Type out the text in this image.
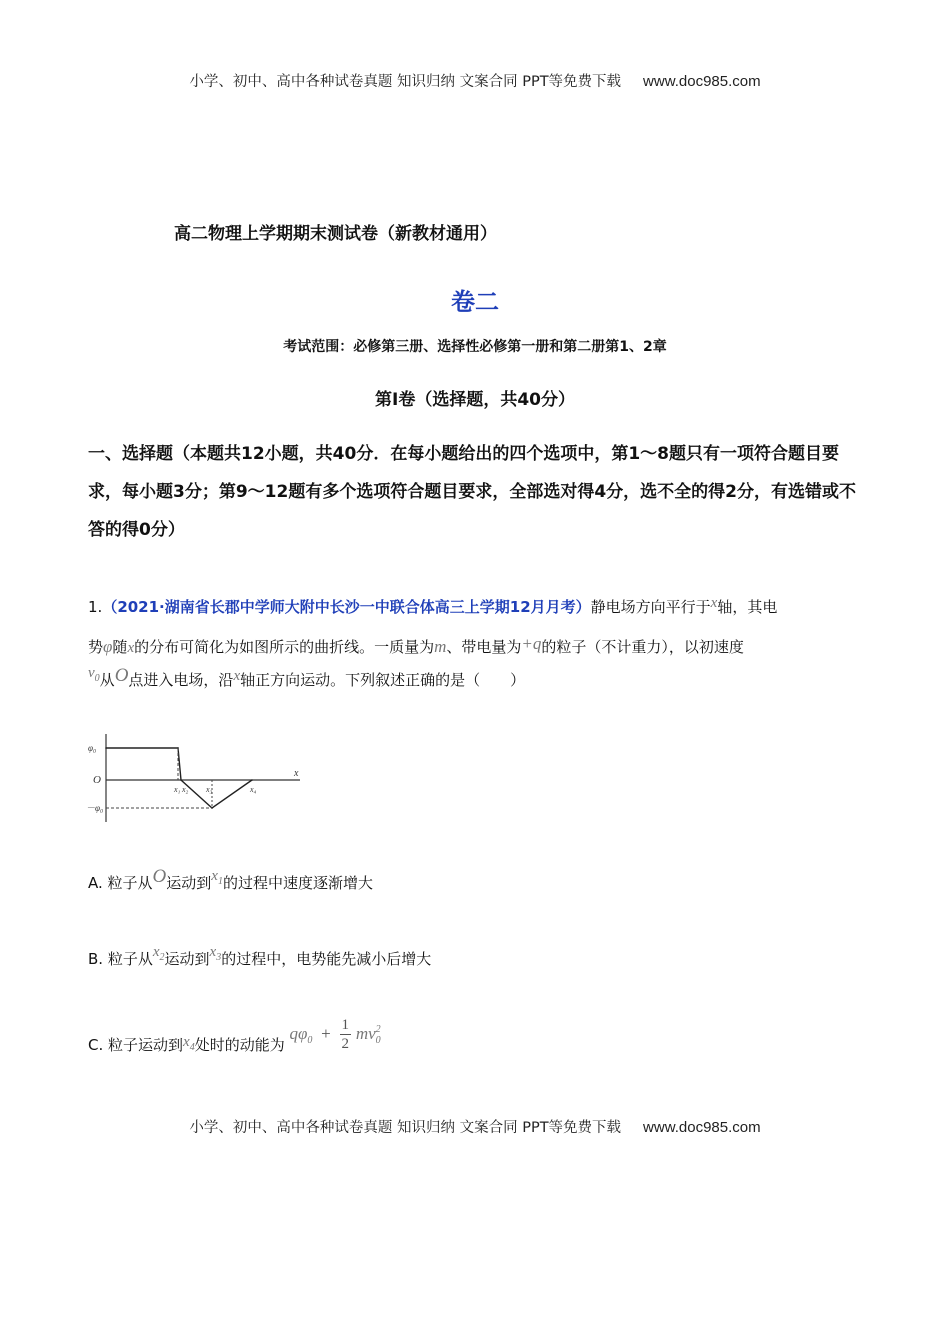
小学、初中、高中各种试卷真题 知识归纳 文案合同 PPT等免费下载 www.doc985.com
高二物理上学期期末测试卷（新教材通用）
卷二
考试范围：必修第三册、选择性必修第一册和第二册第1、2章
第Ⅰ卷（选择题，共40分）
一、选择题（本题共12小题，共40分．在每小题给出的四个选项中，第1～8题只有一项符合题目要求，每小题3分；第9～12题有多个选项符合题目要求，全部选对得4分，选不全的得2分，有选错或不答的得0分）
1.（2021·湖南省长郡中学师大附中长沙一中联合体高三上学期12月月考）静电场方向平行于x轴，其电
势φ随x的分布可简化为如图所示的曲折线。一质量为m、带电量为+q的粒子（不计重力），以初速度
$v_0$从O点进入电场，沿x轴正方向运动。下列叙述正确的是（　　）
φ₀
O
－φ₀
x
x₁ x₂ x₃	x₄
A. 粒子从O运动到$x_1$的过程中速度逐渐增大
B. 粒子从$x_2$运动到$x_3$的过程中，电势能先减小后增大
C. 粒子运动到$x_4$处时的动能为 $q\varphi_0 + \frac{1}{2}$ mv 2
0
小学、初中、高中各种试卷真题 知识归纳 文案合同 PPT等免费下载 www.doc985.com
